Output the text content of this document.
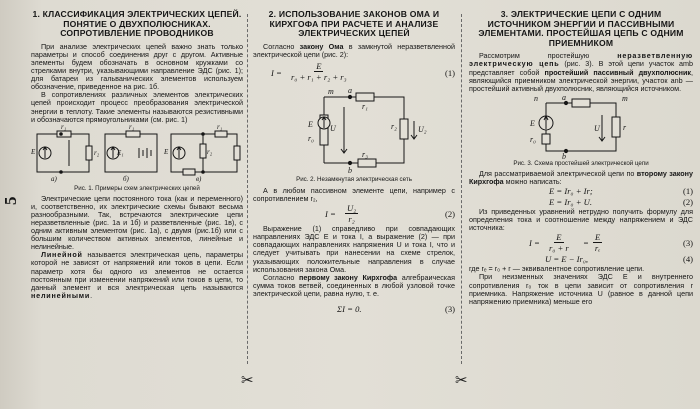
5
✂	✂
1. КЛАССИФИКАЦИЯ ЭЛЕКТРИЧЕСКИХ ЦЕПЕЙ. ПОНЯТИЕ О ДВУХПОЛЮСНИКАХ. СОПРОТИВЛЕНИЕ ПРОВОДНИКОВ

При анализе электрических цепей важно знать только параметры и способ соединения друг с другом. Активные элементы будем обозначать в основном кружками со стрелками внутри, указывающими направление ЭДС (рис. 1); для батареи из гальванических элементов используем обозначение, приведенное на рис. 1б.

В сопротивлениях различных элементов электрических цепей происходит процесс преобразования электрической энергии в теплоту. Такие элементы называются резистивными и обозначаются прямоугольниками (см. рис. 1)

а)	б)	в)
E
r₁
r₂	E₁
r₁
E
r₁
r₂
Рис. 1. Примеры схем электрических цепей

Электрические цепи постоянного тока (как и переменного) и, соответственно, их электрические схемы бывают весьма разнообразными. Так, встречаются электрические цепи неразветвленные (рис. 1а и 1б) и разветвленные (рис. 1в), с одним активным элементом (рис. 1а), с двумя (рис.1б) или с большим количеством активных элементов, линейные и нелинейные.

Линейной называется электрическая цепь, параметры которой не зависят от напряжений или токов в цепи. Если параметр хотя бы одного из элементов не остается постоянным при изменении напряжений или токов в цепи, то данный элемент и вся электрическая цепь называются нелинейными.

2. ИСПОЛЬЗОВАНИЕ ЗАКОНОВ ОМА И КИРХГОФА ПРИ РАСЧЕТЕ И АНАЛИЗЕ ЭЛЕКТРИЧЕСКИХ ЦЕПЕЙ

Согласно закону Ома в замкнутой неразветвленной электрической цепи (рис. 2):

$I = \frac{E}{\text{r₀ + r₁ + r₂ + r₃}}$	(1)
E
r₀
U
a
b
r₁
r₂
r₃
U₂
m
Рис. 2. Незамкнутая электрическая сеть

А в любом пассивном элементе цепи, например с сопротивлением r₂,

$I = \frac{\text{U₂}}{\text{r₂}}$	(2)

Выражение (1) справедливо при совпадающих направлениях ЭДС E и тока I, а выражение (2) — при совпадающих направлениях напряжения U и тока I, что и следует учитывать при нанесении на схеме стрелок, указывающих положительные направления в случае использования закона Ома.

Согласно первому закону Кирхгофа алгебраическая сумма токов ветвей, соединенных в любой узловой точке электрической цепи, равна нулю, т. е.

ΣI = 0.	(3)
3. ЭЛЕКТРИЧЕСКИЕ ЦЕПИ С ОДНИМ ИСТОЧНИКОМ ЭНЕРГИИ И ПАССИВНЫМИ ЭЛЕМЕНТАМИ. ПРОСТЕЙШАЯ ЦЕПЬ С ОДНИМ ПРИЕМНИКОМ

Рассмотрим простейшую неразветвленную электрическую цепь (рис. 3). В этой цепи участок amb представляет собой простейший пассивный двухполюсник, являющийся приемником электрической энергии, участок anb — простейший активный двухполюсник, являющийся источником.

E
r₀
U	r
a
b
n	m
Рис. 3. Схема простейшей электрической цепи

Для рассматриваемой электрической цепи по второму закону Кирхгофа можно написать:

E = Ir₀ + Ir;	(1)
E = Ir₀ + U.	(2)

Из приведенных уравнений нетрудно получить формулу для определения тока и соотношение между напряжением и ЭДС источника:

$I = \frac{E}{\text{r₀ + r}} = \frac{E}{\text{rₑ}}$	(3)
U = E − Ir₀,	(4)

где rₑ = r₀ + r — эквивалентное сопротивление цепи.

При неизменных значениях ЭДС E и внутреннего сопротивления r₀ ток в цепи зависит от сопротивления r приемника. Напряжение источника U (равное в данной цепи напряжению приемника) меньше его
